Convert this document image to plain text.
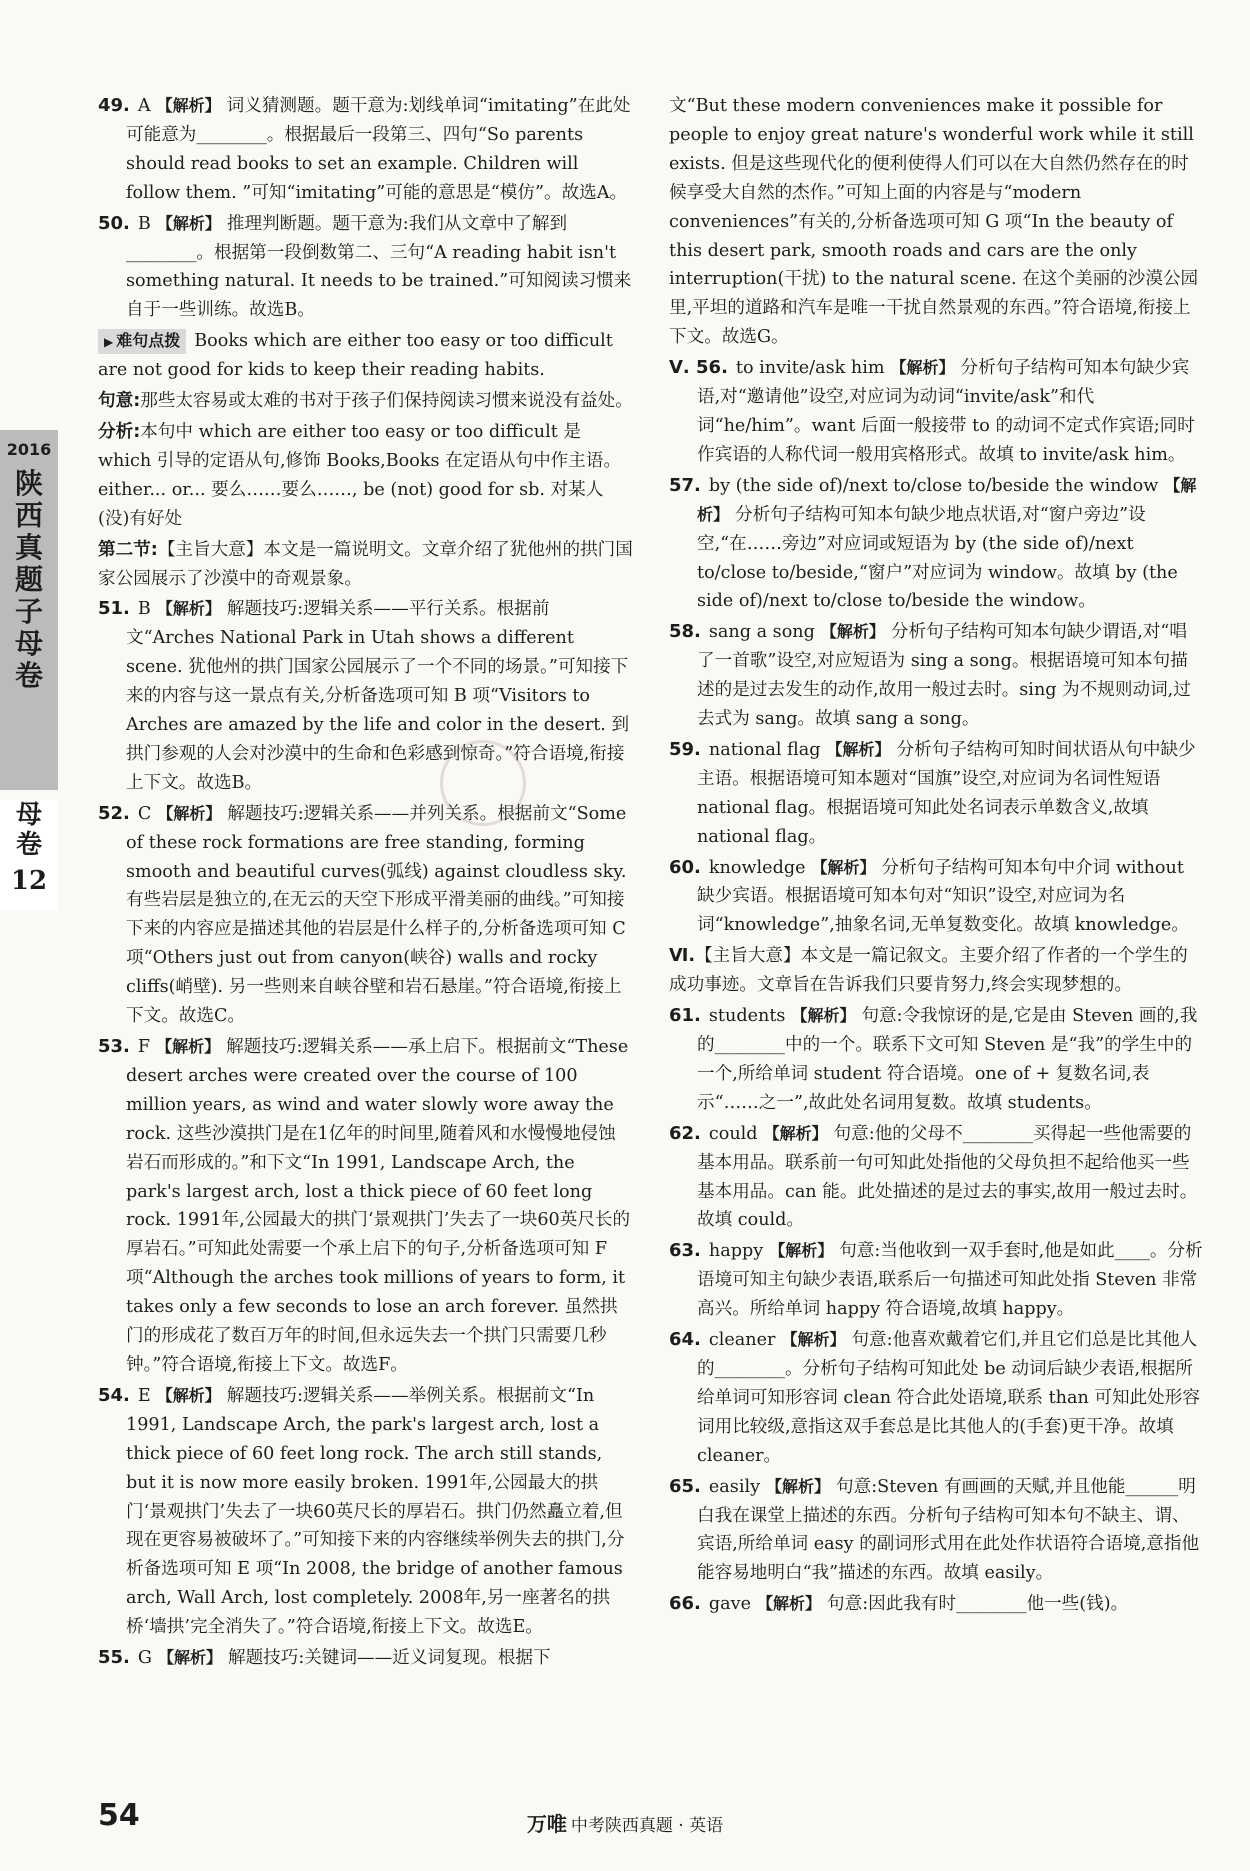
2016
陕西真题子母卷
母卷
12

49. A 【解析】 词义猜测题。题干意为:划线单词“imitating”在此处可能意为________。根据最后一段第三、四句“So parents should read books to set an example. Children will follow them. ”可知“imitating”可能的意思是“模仿”。故选A。

50. B 【解析】 推理判断题。题干意为:我们从文章中了解到________。根据第一段倒数第二、三句“A reading habit isn't something natural. It needs to be trained.”可知阅读习惯来自于一些训练。故选B。

▶ 难句点拨 Books which are either too easy or too difficult are not good for kids to keep their reading habits.

句意:那些太容易或太难的书对于孩子们保持阅读习惯来说没有益处。

分析:本句中 which are either too easy or too difficult 是 which 引导的定语从句,修饰 Books,Books 在定语从句中作主语。either... or... 要么……要么……, be (not) good for sb. 对某人(没)有好处

第二节:【主旨大意】本文是一篇说明文。文章介绍了犹他州的拱门国家公园展示了沙漠中的奇观景象。

51. B 【解析】 解题技巧:逻辑关系——平行关系。根据前文“Arches National Park in Utah shows a different scene. 犹他州的拱门国家公园展示了一个不同的场景。”可知接下来的内容与这一景点有关,分析备选项可知 B 项“Visitors to Arches are amazed by the life and color in the desert. 到拱门参观的人会对沙漠中的生命和色彩感到惊奇。”符合语境,衔接上下文。故选B。

52. C 【解析】 解题技巧:逻辑关系——并列关系。根据前文“Some of these rock formations are free standing, forming smooth and beautiful curves(弧线) against cloudless sky. 有些岩层是独立的,在无云的天空下形成平滑美丽的曲线。”可知接下来的内容应是描述其他的岩层是什么样子的,分析备选项可知 C 项“Others just out from canyon(峡谷) walls and rocky cliffs(峭壁). 另一些则来自峡谷壁和岩石悬崖。”符合语境,衔接上下文。故选C。

53. F 【解析】 解题技巧:逻辑关系——承上启下。根据前文“These desert arches were created over the course of 100 million years, as wind and water slowly wore away the rock. 这些沙漠拱门是在1亿年的时间里,随着风和水慢慢地侵蚀岩石而形成的。”和下文“In 1991, Landscape Arch, the park's largest arch, lost a thick piece of 60 feet long rock. 1991年,公园最大的拱门‘景观拱门’失去了一块60英尺长的厚岩石。”可知此处需要一个承上启下的句子,分析备选项可知 F 项“Although the arches took millions of years to form, it takes only a few seconds to lose an arch forever. 虽然拱门的形成花了数百万年的时间,但永远失去一个拱门只需要几秒钟。”符合语境,衔接上下文。故选F。

54. E 【解析】 解题技巧:逻辑关系——举例关系。根据前文“In 1991, Landscape Arch, the park's largest arch, lost a thick piece of 60 feet long rock. The arch still stands, but it is now more easily broken. 1991年,公园最大的拱门‘景观拱门’失去了一块60英尺长的厚岩石。拱门仍然矗立着,但现在更容易被破坏了。”可知接下来的内容继续举例失去的拱门,分析备选项可知 E 项“In 2008, the bridge of another famous arch, Wall Arch, lost completely. 2008年,另一座著名的拱桥‘墙拱’完全消失了。”符合语境,衔接上下文。故选E。

55. G 【解析】 解题技巧:关键词——近义词复现。根据下

文“But these modern conveniences make it possible for people to enjoy great nature's wonderful work while it still exists. 但是这些现代化的便利使得人们可以在大自然仍然存在的时候享受大自然的杰作。”可知上面的内容是与“modern conveniences”有关的,分析备选项可知 G 项“In the beauty of this desert park, smooth roads and cars are the only interruption(干扰) to the natural scene. 在这个美丽的沙漠公园里,平坦的道路和汽车是唯一干扰自然景观的东西。”符合语境,衔接上下文。故选G。

Ⅴ. 56. to invite/ask him 【解析】 分析句子结构可知本句缺少宾语,对“邀请他”设空,对应词为动词“invite/ask”和代词“he/him”。want 后面一般接带 to 的动词不定式作宾语;同时作宾语的人称代词一般用宾格形式。故填 to invite/ask him。

57. by (the side of)/next to/close to/beside the window 【解析】 分析句子结构可知本句缺少地点状语,对“窗户旁边”设空,“在……旁边”对应词或短语为 by (the side of)/next to/close to/beside,“窗户”对应词为 window。故填 by (the side of)/next to/close to/beside the window。

58. sang a song 【解析】 分析句子结构可知本句缺少谓语,对“唱了一首歌”设空,对应短语为 sing a song。根据语境可知本句描述的是过去发生的动作,故用一般过去时。sing 为不规则动词,过去式为 sang。故填 sang a song。

59. national flag 【解析】 分析句子结构可知时间状语从句中缺少主语。根据语境可知本题对“国旗”设空,对应词为名词性短语 national flag。根据语境可知此处名词表示单数含义,故填 national flag。

60. knowledge 【解析】 分析句子结构可知本句中介词 without 缺少宾语。根据语境可知本句对“知识”设空,对应词为名词“knowledge”,抽象名词,无单复数变化。故填 knowledge。

Ⅵ.【主旨大意】本文是一篇记叙文。主要介绍了作者的一个学生的成功事迹。文章旨在告诉我们只要肯努力,终会实现梦想的。

61. students 【解析】 句意:令我惊讶的是,它是由 Steven 画的,我的________中的一个。联系下文可知 Steven 是“我”的学生中的一个,所给单词 student 符合语境。one of + 复数名词,表示“……之一”,故此处名词用复数。故填 students。

62. could 【解析】 句意:他的父母不________买得起一些他需要的基本用品。联系前一句可知此处指他的父母负担不起给他买一些基本用品。can 能。此处描述的是过去的事实,故用一般过去时。故填 could。

63. happy 【解析】 句意:当他收到一双手套时,他是如此____。分析语境可知主句缺少表语,联系后一句描述可知此处指 Steven 非常高兴。所给单词 happy 符合语境,故填 happy。

64. cleaner 【解析】 句意:他喜欢戴着它们,并且它们总是比其他人的________。分析句子结构可知此处 be 动词后缺少表语,根据所给单词可知形容词 clean 符合此处语境,联系 than 可知此处形容词用比较级,意指这双手套总是比其他人的(手套)更干净。故填 cleaner。

65. easily 【解析】 句意:Steven 有画画的天赋,并且他能______明白我在课堂上描述的东西。分析句子结构可知本句不缺主、谓、宾语,所给单词 easy 的副词形式用在此处作状语符合语境,意指他能容易地明白“我”描述的东西。故填 easily。

66. gave 【解析】 句意:因此我有时________他一些(钱)。

54	万唯 中考陕西真题 · 英语
